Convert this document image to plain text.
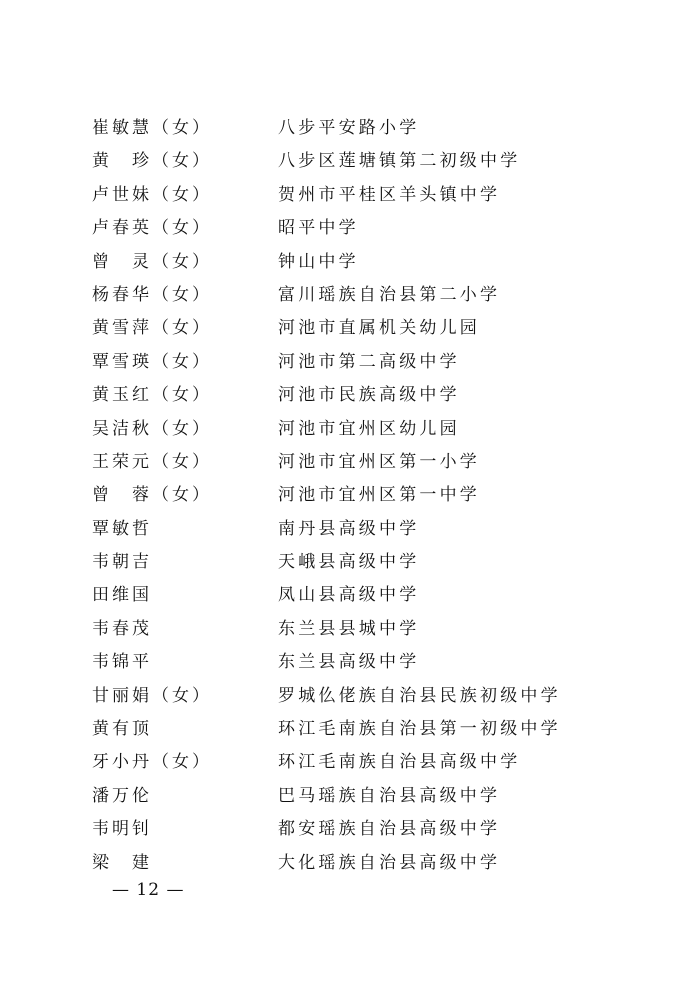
崔敏慧（女）	八步平安路小学
黄　珍（女）	八步区莲塘镇第二初级中学
卢世妹（女）	贺州市平桂区羊头镇中学
卢春英（女）	昭平中学
曾　灵（女）	钟山中学
杨春华（女）	富川瑶族自治县第二小学
黄雪萍（女）	河池市直属机关幼儿园
覃雪瑛（女）	河池市第二高级中学
黄玉红（女）	河池市民族高级中学
吴洁秋（女）	河池市宜州区幼儿园
王荣元（女）	河池市宜州区第一小学
曾　蓉（女）	河池市宜州区第一中学
覃敏哲	南丹县高级中学
韦朝吉	天峨县高级中学
田维国	凤山县高级中学
韦春茂	东兰县县城中学
韦锦平	东兰县高级中学
甘丽娟（女）	罗城仫佬族自治县民族初级中学
黄有顶	环江毛南族自治县第一初级中学
牙小丹（女）	环江毛南族自治县高级中学
潘万伦	巴马瑶族自治县高级中学
韦明钊	都安瑶族自治县高级中学
梁　建	大化瑶族自治县高级中学
— 12 —
